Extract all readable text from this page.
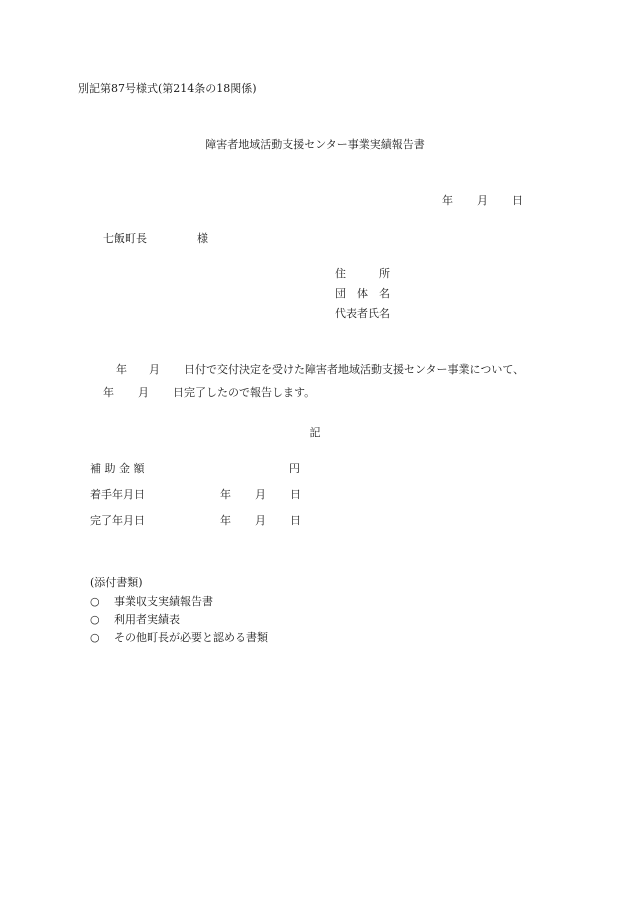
別記第87号様式(第214条の18関係)
障害者地域活動支援センター事業実績報告書
年 月 日
七飯町長	様
住　　　所
団　体　名
代表者氏名
年 月 日付で交付決定を受けた障害者地域活動支援センター事業について、
年 月 日完了したので報告します。
記
補 助 金 額	円
着手年月日	年 月 日
完了年月日	年 月 日
(添付書類)
○ 事業収支実績報告書
○ 利用者実績表
○ その他町長が必要と認める書類
